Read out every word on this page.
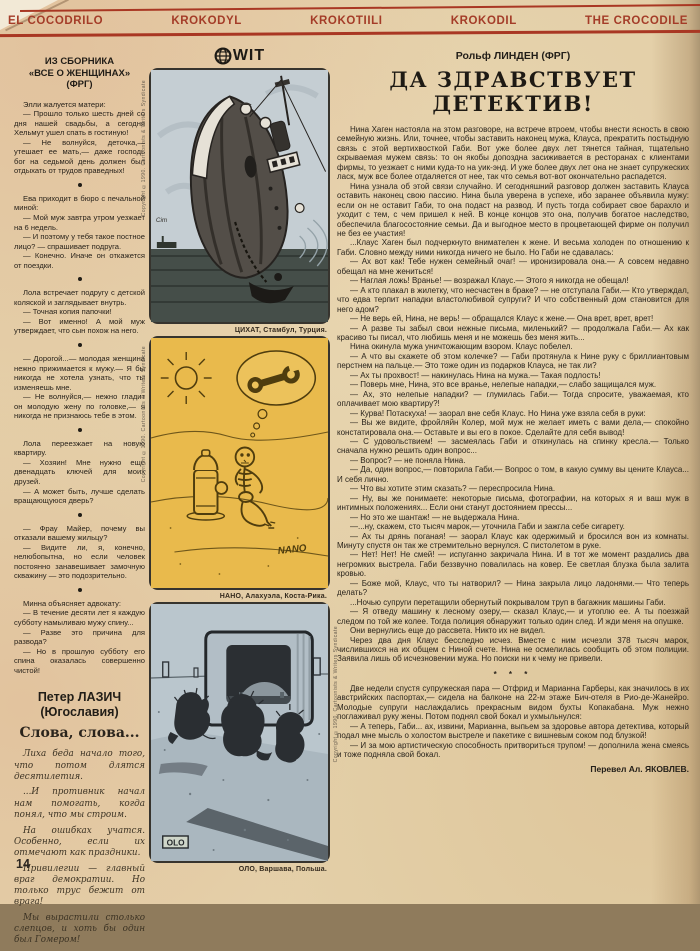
EL COCODRILO	KROKODYL	KROKOTIILI	KROKODIL	THE CROCODILE
ИЗ СБОРНИКА
«ВСЕ О ЖЕНЩИНАХ»
(ФРГ)

Элли жалуется матери:

— Прошло только шесть дней со дня нашей свадьбы, а сегодня Хельмут ушел спать в гостиную!

— Не волнуйся, деточка,— утешает ее мать,— даже господь бог на седьмой день должен был отдыхать от трудов праведных!

Ева приходит в бюро с печальной миной:

— Мой муж завтра утром уезжает на 6 недель.

— И поэтому у тебя такое постное лицо? — спрашивает подруга.

— Конечно. Иначе он откажется от поездки.

Лола встречает подругу с детской коляской и заглядывает внутрь.

— Точная копия папочки!

— Вот именно! А мой муж утверждает, что сын похож на него.

— Дорогой...— молодая женщина нежно прижимается к мужу.— Я бы никогда не хотела узнать, что ты изменяешь мне.

— Не волнуйся,— нежно гладит он молодую жену по головке,— я никогда не признаюсь тебе в этом.

Лола переезжает на новую квартиру.

— Хозяин! Мне нужно еще двенадцать ключей для моих друзей.

— А может быть, лучше сделать вращающуюся дверь?

— Фрау Майер, почему вы отказали вашему жильцу?

— Видите ли, я, конечно, нелюбопытна, но если человек постоянно занавешивает замочную скважину — это подозрительно.

Минна объясняет адвокату:

— В течение десяти лет я каждую субботу намыливаю мужу спину...

— Разве это причина для развода?

— Но в прошлую субботу его спина оказалась совершенно чистой!

Петер ЛАЗИЧ
(Югославия)
Слова, слова...

Лиха беда начало того, что потом длятся десятилетия.

...И противник начал нам помогать, когда понял, что мы строим.

На ошибках учатся. Особенно, если их отмечают как праздники.

Привилегии — главный враг демократии. Но только трус бежит от врага!

Мы вырастили столько слепцов, и хоть бы один был Гомером!

14
WIT
Copyright ©1990. Cartoonists & Writers Syndicate
Copyright ©1990. Cartoonists & Writers Syndicate
Copyright ©1990. Cartoonists & Writers Syndicate
Cim
ЦИХАТ, Стамбул, Турция.
NANO
НАНО, Алахуэла, Коста-Рика.
OLO
ОЛО, Варшава, Польша.
Рольф ЛИНДЕН (ФРГ)
ДА ЗДРАВСТВУЕТ
ДЕТЕКТИВ!

Нина Хаген настояла на этом разговоре, на встрече втроем, чтобы внести ясность в свою семейную жизнь. Или, точнее, чтобы заставить наконец мужа, Клауса, прекратить постыдную связь с этой вертихвосткой Габи. Вот уже более двух лет тянется тайная, тщательно скрываемая мужем связь: то он якобы допоздна засиживается в ресторанах с клиентами фирмы, то уезжает с ними куда-то на уик-энд. И уже более двух лет она не знает супружеских ласк, муж все более отдаляется от нее, так что семья вот-вот окончательно распадется.

Нина узнала об этой связи случайно. И сегодняшний разговор должен заставить Клауса оставить наконец свою пассию. Нина была уверена в успехе, ибо заранее объявила мужу: если он не оставит Габи, то она подаст на развод. И пусть тогда собирает свое барахло и уходит с тем, с чем пришел к ней. В конце концов это она, получив богатое наследство, обеспечила благосостояние семьи. Да и выгодное место в процветающей фирме он получил не без ее участия!

...Клаус Хаген был подчеркнуто внимателен к жене. И весьма холоден по отношению к Габи. Словно между ними никогда ничего не было. Но Габи не сдавалась:

— Ах вот как! Тебе нужен семейный очаг! — иронизировала она.— А совсем недавно обещал на мне жениться!

— Наглая ложь! Вранье! — возражал Клаус.— Этого я никогда не обещал!

— А кто плакал в жилетку, что несчастен в браке? — не отступала Габи.— Кто утверждал, что едва терпит нападки властолюбивой супруги? И что собственный дом становится для него адом?

— Не верь ей, Нина, не верь! — обращался Клаус к жене.— Она врет, врет, врет!

— А разве ты забыл свои нежные письма, миленький? — продолжала Габи.— Ах как красиво ты писал, что любишь меня и не можешь без меня жить...

Нина окинула мужа уничтожающим взором. Клаус побелел.

— А что вы скажете об этом колечке? — Габи протянула к Нине руку с бриллиантовым перстнем на пальце.— Это тоже один из подарков Клауса, не так ли?

— Ах ты прохвост! — накинулась Нина на мужа.— Такая подлость!

— Поверь мне, Нина, это все вранье, нелепые нападки,— слабо защищался муж.

— Ах, это нелепые нападки? — глумилась Габи.— Тогда спросите, уважаемая, кто оплачивает мою квартиру?!

— Курва! Потаскуха! — заорал вне себя Клаус. Но Нина уже взяла себя в руки:

— Вы же видите, фройляйн Колер, мой муж не желает иметь с вами дела,— спокойно констатировала она.— Оставьте и вы его в покое. Сделайте для себя вывод!

— С удовольствием! — засмеялась Габи и откинулась на спинку кресла.— Только сначала нужно решить один вопрос...

— Вопрос? — не поняла Нина.

— Да, один вопрос,— повторила Габи.— Вопрос о том, в какую сумму вы цените Клауса... И себя лично.

— Что вы хотите этим сказать? — переспросила Нина.

— Ну, вы же понимаете: некоторые письма, фотографии, на которых я и ваш муж в интимных положениях... Если они станут достоянием прессы...

— Но это же шантаж! — не выдержала Нина.

—...ну, скажем, сто тысяч марок,— уточнила Габи и зажгла себе сигарету.

— Ах ты дрянь поганая! — заорал Клаус как одержимый и бросился вон из комнаты. Минуту спустя он так же стремительно вернулся. С пистолетом в руке.

— Нет! Нет! Не смей! — испуганно закричала Нина. И в тот же момент раздались два негромких выстрела. Габи беззвучно повалилась на ковер. Ее светлая блузка была залита кровью.

— Боже мой, Клаус, что ты натворил? — Нина закрыла лицо ладонями.— Что теперь делать?

...Ночью супруги перетащили обернутый покрывалом труп в багажник машины Габи.

— Я отведу машину к лесному озеру,— сказал Клаус,— и утоплю ее. А ты поезжай следом по той же колее. Тогда полиция обнаружит только один след. И жди меня на опушке.

Они вернулись еще до рассвета. Никто их не видел.

Через два дня Клаус бесследно исчез. Вместе с ним исчезли 378 тысяч марок, числившихся на их общем с Ниной счете. Нина не осмелилась сообщить об этом полиции. Заявила лишь об исчезновении мужа. Но поиски ни к чему не привели.

* * *

Две недели спустя супружеская пара — Отфрид и Марианна Гарберы, как значилось в их австрийских паспортах,— сидела на балконе на 22-м этаже Бич-отеля в Рио-де-Жанейро. Молодые супруги наслаждались прекрасным видом бухты Копакабана. Муж нежно поглаживал руку жены. Потом поднял свой бокал и ухмыльнулся:

— А теперь, Габи... ах, извини, Марианна, выпьем за здоровье автора детектива, который подал мне мысль о холостом выстреле и пакетике с вишневым соком под блузкой!

— И за мою артистическую способность притвориться трупом! — дополнила жена смеясь и тоже подняла свой бокал.

Перевел Ал. ЯКОВЛЕВ.
